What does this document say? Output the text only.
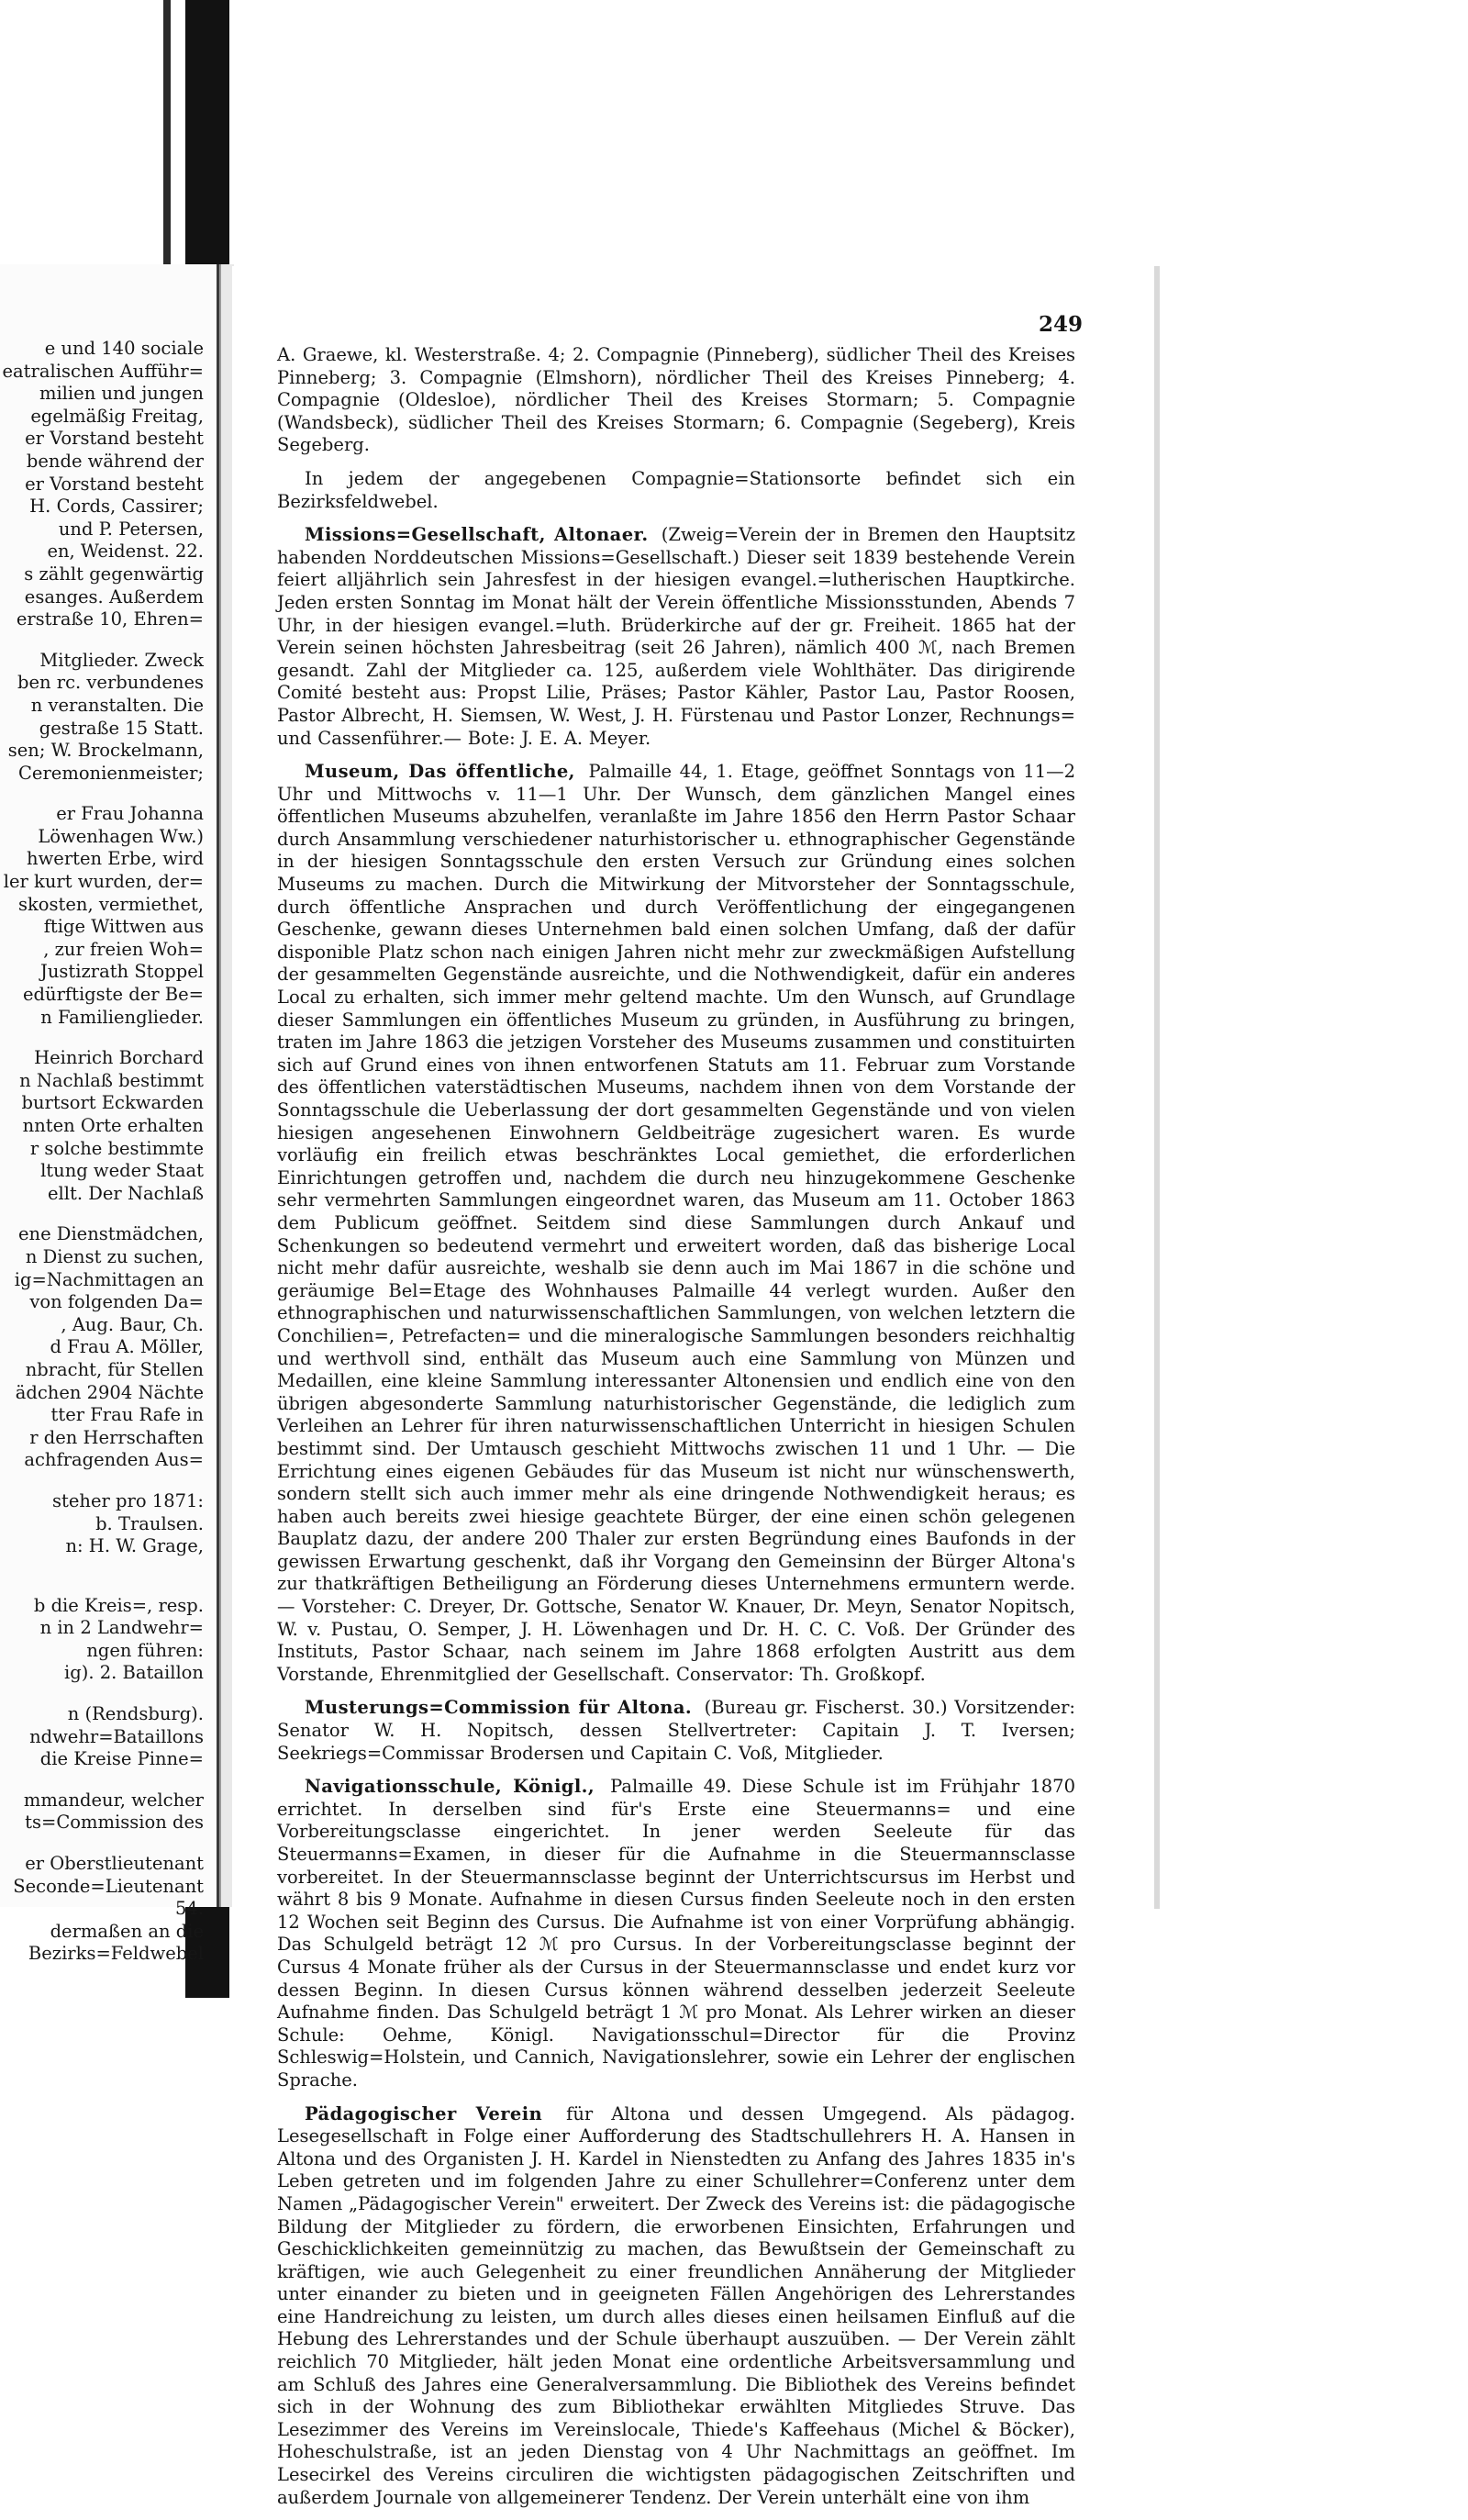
e und 140 sociale
eatralischen Aufführ=
milien und jungen
egelmäßig Freitag,
er Vorstand besteht
bende während der
er Vorstand besteht
H. Cords, Cassirer;
und P. Petersen,
en, Weidenst. 22.
s zählt gegenwärtig
esanges. Außerdem
erstraße 10, Ehren=
Mitglieder. Zweck
ben rc. verbundenes
n veranstalten. Die
gestraße 15 Statt.
sen; W. Brockelmann,
Ceremonienmeister;
er Frau Johanna
Löwenhagen Ww.)
hwerten Erbe, wird
ler kurt wurden, der=
skosten, vermiethet,
ftige Wittwen aus
, zur freien Woh=
Justizrath Stoppel
edürftigste der Be=
n Familienglieder.
Heinrich Borchard
n Nachlaß bestimmt
burtsort Eckwarden
nnten Orte erhalten
r solche bestimmte
ltung weder Staat
ellt. Der Nachlaß
ene Dienstmädchen,
n Dienst zu suchen,
ig=Nachmittagen an
von folgenden Da=
, Aug. Baur, Ch.
d Frau A. Möller,
nbracht, für Stellen
ädchen 2904 Nächte
tter Frau Rafe in
r den Herrschaften
achfragenden Aus=
steher pro 1871:
b. Traulsen.
n: H. W. Grage,
b die Kreis=, resp.
n in 2 Landwehr=
ngen führen:
ig). 2. Bataillon
n (Rendsburg).
ndwehr=Bataillons
die Kreise Pinne=
mmandeur, welcher
ts=Commission des
er Oberstlieutenant
Seconde=Lieutenant
54.
dermaßen an die
Bezirks=Feldwebel
249

A. Graewe, kl. Westerstraße. 4; 2. Compagnie (Pinneberg), südlicher Theil des Kreises Pinneberg; 3. Compagnie (Elmshorn), nördlicher Theil des Kreises Pinneberg; 4. Compagnie (Oldesloe), nördlicher Theil des Kreises Stormarn; 5. Compagnie (Wandsbeck), südlicher Theil des Kreises Stormarn; 6. Compagnie (Segeberg), Kreis Segeberg.

In jedem der angegebenen Compagnie=Stationsorte befindet sich ein Bezirksfeldwebel.

Missions=Gesellschaft, Altonaer. (Zweig=Verein der in Bremen den Hauptsitz habenden Norddeutschen Missions=Gesellschaft.) Dieser seit 1839 bestehende Verein feiert alljährlich sein Jahresfest in der hiesigen evangel.=lutherischen Hauptkirche. Jeden ersten Sonntag im Monat hält der Verein öffentliche Missionsstunden, Abends 7 Uhr, in der hiesigen evangel.=luth. Brüderkirche auf der gr. Freiheit. 1865 hat der Verein seinen höchsten Jahresbeitrag (seit 26 Jahren), nämlich 400 ℳ, nach Bremen gesandt. Zahl der Mitglieder ca. 125, außerdem viele Wohlthäter. Das dirigirende Comité besteht aus: Propst Lilie, Präses; Pastor Kähler, Pastor Lau, Pastor Roosen, Pastor Albrecht, H. Siemsen, W. West, J. H. Fürstenau und Pastor Lonzer, Rechnungs= und Cassenführer.— Bote: J. E. A. Meyer.

Museum, Das öffentliche, Palmaille 44, 1. Etage, geöffnet Sonntags von 11—2 Uhr und Mittwochs v. 11—1 Uhr. Der Wunsch, dem gänzlichen Mangel eines öffentlichen Museums abzuhelfen, veranlaßte im Jahre 1856 den Herrn Pastor Schaar durch Ansammlung verschiedener naturhistorischer u. ethnographischer Gegenstände in der hiesigen Sonntagsschule den ersten Versuch zur Gründung eines solchen Museums zu machen. Durch die Mitwirkung der Mitvorsteher der Sonntagsschule, durch öffentliche Ansprachen und durch Veröffentlichung der eingegangenen Geschenke, gewann dieses Unternehmen bald einen solchen Umfang, daß der dafür disponible Platz schon nach einigen Jahren nicht mehr zur zweckmäßigen Aufstellung der gesammelten Gegenstände ausreichte, und die Nothwendigkeit, dafür ein anderes Local zu erhalten, sich immer mehr geltend machte. Um den Wunsch, auf Grundlage dieser Sammlungen ein öffentliches Museum zu gründen, in Ausführung zu bringen, traten im Jahre 1863 die jetzigen Vorsteher des Museums zusammen und constituirten sich auf Grund eines von ihnen entworfenen Statuts am 11. Februar zum Vorstande des öffentlichen vaterstädtischen Museums, nachdem ihnen von dem Vorstande der Sonntagsschule die Ueberlassung der dort gesammelten Gegenstände und von vielen hiesigen angesehenen Einwohnern Geldbeiträge zugesichert waren. Es wurde vorläufig ein freilich etwas beschränktes Local gemiethet, die erforderlichen Einrichtungen getroffen und, nachdem die durch neu hinzugekommene Geschenke sehr vermehrten Sammlungen eingeordnet waren, das Museum am 11. October 1863 dem Publicum geöffnet. Seitdem sind diese Sammlungen durch Ankauf und Schenkungen so bedeutend vermehrt und erweitert worden, daß das bisherige Local nicht mehr dafür ausreichte, weshalb sie denn auch im Mai 1867 in die schöne und geräumige Bel=Etage des Wohnhauses Palmaille 44 verlegt wurden. Außer den ethnographischen und naturwissenschaftlichen Sammlungen, von welchen letztern die Conchilien=, Petrefacten= und die mineralogische Sammlungen besonders reichhaltig und werthvoll sind, enthält das Museum auch eine Sammlung von Münzen und Medaillen, eine kleine Sammlung interessanter Altonensien und endlich eine von den übrigen abgesonderte Sammlung naturhistorischer Gegenstände, die lediglich zum Verleihen an Lehrer für ihren naturwissenschaftlichen Unterricht in hiesigen Schulen bestimmt sind. Der Umtausch geschieht Mittwochs zwischen 11 und 1 Uhr. — Die Errichtung eines eigenen Gebäudes für das Museum ist nicht nur wünschenswerth, sondern stellt sich auch immer mehr als eine dringende Nothwendigkeit heraus; es haben auch bereits zwei hiesige geachtete Bürger, der eine einen schön gelegenen Bauplatz dazu, der andere 200 Thaler zur ersten Begründung eines Baufonds in der gewissen Erwartung geschenkt, daß ihr Vorgang den Gemeinsinn der Bürger Altona's zur thatkräftigen Betheiligung an Förderung dieses Unternehmens ermuntern werde. — Vorsteher: C. Dreyer, Dr. Gottsche, Senator W. Knauer, Dr. Meyn, Senator Nopitsch, W. v. Pustau, O. Semper, J. H. Löwenhagen und Dr. H. C. C. Voß. Der Gründer des Instituts, Pastor Schaar, nach seinem im Jahre 1868 erfolgten Austritt aus dem Vorstande, Ehrenmitglied der Gesellschaft. Conservator: Th. Großkopf.

Musterungs=Commission für Altona. (Bureau gr. Fischerst. 30.) Vorsitzender: Senator W. H. Nopitsch, dessen Stellvertreter: Capitain J. T. Iversen; Seekriegs=Commissar Brodersen und Capitain C. Voß, Mitglieder.

Navigationsschule, Königl., Palmaille 49. Diese Schule ist im Frühjahr 1870 errichtet. In derselben sind für's Erste eine Steuermanns= und eine Vorbereitungsclasse eingerichtet. In jener werden Seeleute für das Steuermanns=Examen, in dieser für die Aufnahme in die Steuermannsclasse vorbereitet. In der Steuermannsclasse beginnt der Unterrichtscursus im Herbst und währt 8 bis 9 Monate. Aufnahme in diesen Cursus finden Seeleute noch in den ersten 12 Wochen seit Beginn des Cursus. Die Aufnahme ist von einer Vorprüfung abhängig. Das Schulgeld beträgt 12 ℳ pro Cursus. In der Vorbereitungsclasse beginnt der Cursus 4 Monate früher als der Cursus in der Steuermannsclasse und endet kurz vor dessen Beginn. In diesen Cursus können während desselben jederzeit Seeleute Aufnahme finden. Das Schulgeld beträgt 1 ℳ pro Monat. Als Lehrer wirken an dieser Schule: Oehme, Königl. Navigationsschul=Director für die Provinz Schleswig=Holstein, und Cannich, Navigationslehrer, sowie ein Lehrer der englischen Sprache.

Pädagogischer Verein für Altona und dessen Umgegend. Als pädagog. Lesegesellschaft in Folge einer Aufforderung des Stadtschullehrers H. A. Hansen in Altona und des Organisten J. H. Kardel in Nienstedten zu Anfang des Jahres 1835 in's Leben getreten und im folgenden Jahre zu einer Schullehrer=Conferenz unter dem Namen „Pädagogischer Verein" erweitert. Der Zweck des Vereins ist: die pädagogische Bildung der Mitglieder zu fördern, die erworbenen Einsichten, Erfahrungen und Geschicklichkeiten gemeinnützig zu machen, das Bewußtsein der Gemeinschaft zu kräftigen, wie auch Gelegenheit zu einer freundlichen Annäherung der Mitglieder unter einander zu bieten und in geeigneten Fällen Angehörigen des Lehrerstandes eine Handreichung zu leisten, um durch alles dieses einen heilsamen Einfluß auf die Hebung des Lehrerstandes und der Schule überhaupt auszuüben. — Der Verein zählt reichlich 70 Mitglieder, hält jeden Monat eine ordentliche Arbeitsversammlung und am Schluß des Jahres eine Generalversammlung. Die Bibliothek des Vereins befindet sich in der Wohnung des zum Bibliothekar erwählten Mitgliedes Struve. Das Lesezimmer des Vereins im Vereinslocale, Thiede's Kaffeehaus (Michel & Böcker), Hoheschulstraße, ist an jeden Dienstag von 4 Uhr Nachmittags an geöffnet. Im Lesecirkel des Vereins circuliren die wichtigsten pädagogischen Zeitschriften und außerdem Journale von allgemeinerer Tendenz. Der Verein unterhält eine von ihm
